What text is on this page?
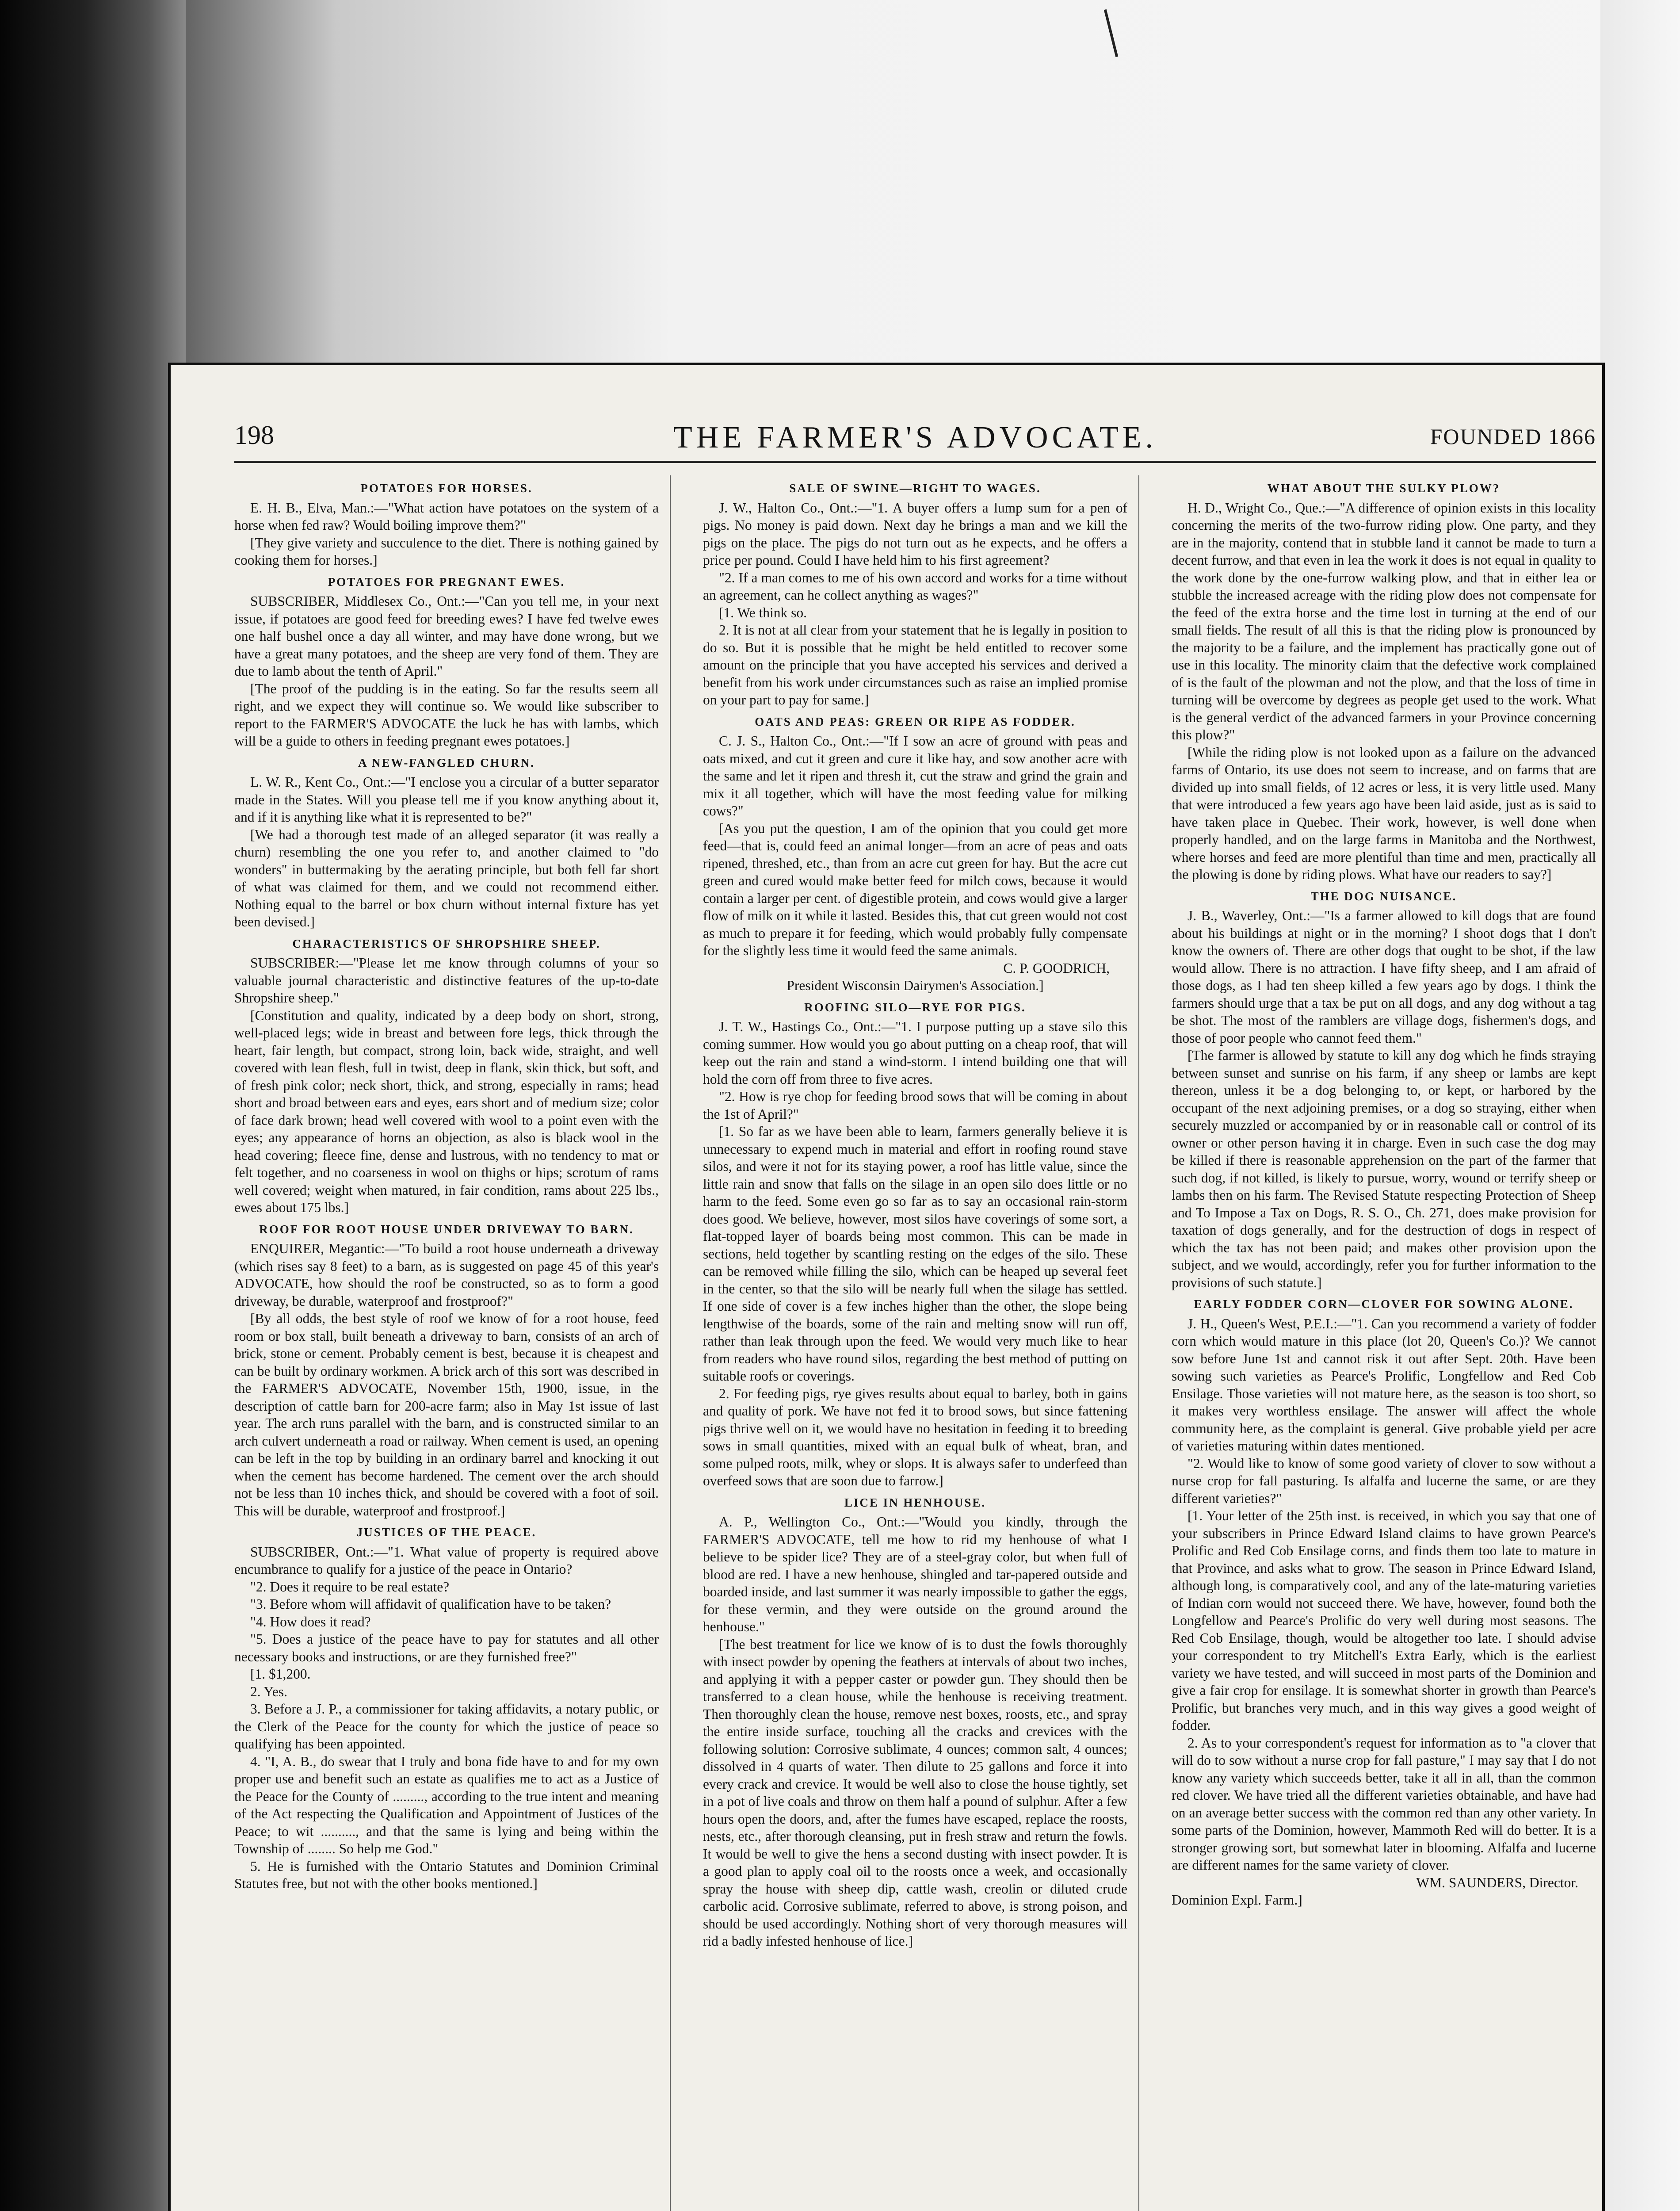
198	THE FARMER'S ADVOCATE.	FOUNDED 1866
POTATOES FOR HORSES.
E. H. B., Elva, Man.:—"What action have potatoes on the system of a horse when fed raw? Would boiling improve them?"
[They give variety and succulence to the diet. There is nothing gained by cooking them for horses.]
POTATOES FOR PREGNANT EWES.
SUBSCRIBER, Middlesex Co., Ont.:—"Can you tell me, in your next issue, if potatoes are good feed for breeding ewes? I have fed twelve ewes one half bushel once a day all winter, and may have done wrong, but we have a great many potatoes, and the sheep are very fond of them. They are due to lamb about the tenth of April."
[The proof of the pudding is in the eating. So far the results seem all right, and we expect they will continue so. We would like subscriber to report to the FARMER'S ADVOCATE the luck he has with lambs, which will be a guide to others in feeding pregnant ewes potatoes.]
A NEW-FANGLED CHURN.
L. W. R., Kent Co., Ont.:—"I enclose you a circular of a butter separator made in the States. Will you please tell me if you know anything about it, and if it is anything like what it is represented to be?"
[We had a thorough test made of an alleged separator (it was really a churn) resembling the one you refer to, and another claimed to "do wonders" in buttermaking by the aerating principle, but both fell far short of what was claimed for them, and we could not recommend either. Nothing equal to the barrel or box churn without internal fixture has yet been devised.]
CHARACTERISTICS OF SHROPSHIRE SHEEP.
SUBSCRIBER:—"Please let me know through columns of your so valuable journal characteristic and distinctive features of the up-to-date Shropshire sheep."
[Constitution and quality, indicated by a deep body on short, strong, well-placed legs; wide in breast and between fore legs, thick through the heart, fair length, but compact, strong loin, back wide, straight, and well covered with lean flesh, full in twist, deep in flank, skin thick, but soft, and of fresh pink color; neck short, thick, and strong, especially in rams; head short and broad between ears and eyes, ears short and of medium size; color of face dark brown; head well covered with wool to a point even with the eyes; any appearance of horns an objection, as also is black wool in the head covering; fleece fine, dense and lustrous, with no tendency to mat or felt together, and no coarseness in wool on thighs or hips; scrotum of rams well covered; weight when matured, in fair condition, rams about 225 lbs., ewes about 175 lbs.]
ROOF FOR ROOT HOUSE UNDER DRIVEWAY TO BARN.
ENQUIRER, Megantic:—"To build a root house underneath a driveway (which rises say 8 feet) to a barn, as is suggested on page 45 of this year's ADVOCATE, how should the roof be constructed, so as to form a good driveway, be durable, waterproof and frostproof?"
[By all odds, the best style of roof we know of for a root house, feed room or box stall, built beneath a driveway to barn, consists of an arch of brick, stone or cement. Probably cement is best, because it is cheapest and can be built by ordinary workmen. A brick arch of this sort was described in the FARMER'S ADVOCATE, November 15th, 1900, issue, in the description of cattle barn for 200-acre farm; also in May 1st issue of last year. The arch runs parallel with the barn, and is constructed similar to an arch culvert underneath a road or railway. When cement is used, an opening can be left in the top by building in an ordinary barrel and knocking it out when the cement has become hardened. The cement over the arch should not be less than 10 inches thick, and should be covered with a foot of soil. This will be durable, waterproof and frostproof.]
JUSTICES OF THE PEACE.
SUBSCRIBER, Ont.:—"1. What value of property is required above encumbrance to qualify for a justice of the peace in Ontario?
"2. Does it require to be real estate?
"3. Before whom will affidavit of qualification have to be taken?
"4. How does it read?
"5. Does a justice of the peace have to pay for statutes and all other necessary books and instructions, or are they furnished free?"
[1. $1,200.
2. Yes.
3. Before a J. P., a commissioner for taking affidavits, a notary public, or the Clerk of the Peace for the county for which the justice of peace so qualifying has been appointed.
4. "I, A. B., do swear that I truly and bona fide have to and for my own proper use and benefit such an estate as qualifies me to act as a Justice of the Peace for the County of ........., according to the true intent and meaning of the Act respecting the Qualification and Appointment of Justices of the Peace; to wit .........., and that the same is lying and being within the Township of ........ So help me God."
5. He is furnished with the Ontario Statutes and Dominion Criminal Statutes free, but not with the other books mentioned.]
SALE OF SWINE—RIGHT TO WAGES.
J. W., Halton Co., Ont.:—"1. A buyer offers a lump sum for a pen of pigs. No money is paid down. Next day he brings a man and we kill the pigs on the place. The pigs do not turn out as he expects, and he offers a price per pound. Could I have held him to his first agreement?
"2. If a man comes to me of his own accord and works for a time without an agreement, can he collect anything as wages?"
[1. We think so.
2. It is not at all clear from your statement that he is legally in position to do so. But it is possible that he might be held entitled to recover some amount on the principle that you have accepted his services and derived a benefit from his work under circumstances such as raise an implied promise on your part to pay for same.]
OATS AND PEAS: GREEN OR RIPE AS FODDER.
C. J. S., Halton Co., Ont.:—"If I sow an acre of ground with peas and oats mixed, and cut it green and cure it like hay, and sow another acre with the same and let it ripen and thresh it, cut the straw and grind the grain and mix it all together, which will have the most feeding value for milking cows?"
[As you put the question, I am of the opinion that you could get more feed—that is, could feed an animal longer—from an acre of peas and oats ripened, threshed, etc., than from an acre cut green for hay. But the acre cut green and cured would make better feed for milch cows, because it would contain a larger per cent. of digestible protein, and cows would give a larger flow of milk on it while it lasted. Besides this, that cut green would not cost as much to prepare it for feeding, which would probably fully compensate for the slightly less time it would feed the same animals.
C. P. GOODRICH,
President Wisconsin Dairymen's Association.]
ROOFING SILO—RYE FOR PIGS.
J. T. W., Hastings Co., Ont.:—"1. I purpose putting up a stave silo this coming summer. How would you go about putting on a cheap roof, that will keep out the rain and stand a wind-storm. I intend building one that will hold the corn off from three to five acres.
"2. How is rye chop for feeding brood sows that will be coming in about the 1st of April?"
[1. So far as we have been able to learn, farmers generally believe it is unnecessary to expend much in material and effort in roofing round stave silos, and were it not for its staying power, a roof has little value, since the little rain and snow that falls on the silage in an open silo does little or no harm to the feed. Some even go so far as to say an occasional rain-storm does good. We believe, however, most silos have coverings of some sort, a flat-topped layer of boards being most common. This can be made in sections, held together by scantling resting on the edges of the silo. These can be removed while filling the silo, which can be heaped up several feet in the center, so that the silo will be nearly full when the silage has settled. If one side of cover is a few inches higher than the other, the slope being lengthwise of the boards, some of the rain and melting snow will run off, rather than leak through upon the feed. We would very much like to hear from readers who have round silos, regarding the best method of putting on suitable roofs or coverings.
2. For feeding pigs, rye gives results about equal to barley, both in gains and quality of pork. We have not fed it to brood sows, but since fattening pigs thrive well on it, we would have no hesitation in feeding it to breeding sows in small quantities, mixed with an equal bulk of wheat, bran, and some pulped roots, milk, whey or slops. It is always safer to underfeed than overfeed sows that are soon due to farrow.]
LICE IN HENHOUSE.
A. P., Wellington Co., Ont.:—"Would you kindly, through the FARMER'S ADVOCATE, tell me how to rid my henhouse of what I believe to be spider lice? They are of a steel-gray color, but when full of blood are red. I have a new henhouse, shingled and tar-papered outside and boarded inside, and last summer it was nearly impossible to gather the eggs, for these vermin, and they were outside on the ground around the henhouse."
[The best treatment for lice we know of is to dust the fowls thoroughly with insect powder by opening the feathers at intervals of about two inches, and applying it with a pepper caster or powder gun. They should then be transferred to a clean house, while the henhouse is receiving treatment. Then thoroughly clean the house, remove nest boxes, roosts, etc., and spray the entire inside surface, touching all the cracks and crevices with the following solution: Corrosive sublimate, 4 ounces; common salt, 4 ounces; dissolved in 4 quarts of water. Then dilute to 25 gallons and force it into every crack and crevice. It would be well also to close the house tightly, set in a pot of live coals and throw on them half a pound of sulphur. After a few hours open the doors, and, after the fumes have escaped, replace the roosts, nests, etc., after thorough cleansing, put in fresh straw and return the fowls. It would be well to give the hens a second dusting with insect powder. It is a good plan to apply coal oil to the roosts once a week, and occasionally spray the house with sheep dip, cattle wash, creolin or diluted crude carbolic acid. Corrosive sublimate, referred to above, is strong poison, and should be used accordingly. Nothing short of very thorough measures will rid a badly infested henhouse of lice.]
WHAT ABOUT THE SULKY PLOW?
H. D., Wright Co., Que.:—"A difference of opinion exists in this locality concerning the merits of the two-furrow riding plow. One party, and they are in the majority, contend that in stubble land it cannot be made to turn a decent furrow, and that even in lea the work it does is not equal in quality to the work done by the one-furrow walking plow, and that in either lea or stubble the increased acreage with the riding plow does not compensate for the feed of the extra horse and the time lost in turning at the end of our small fields. The result of all this is that the riding plow is pronounced by the majority to be a failure, and the implement has practically gone out of use in this locality. The minority claim that the defective work complained of is the fault of the plowman and not the plow, and that the loss of time in turning will be overcome by degrees as people get used to the work. What is the general verdict of the advanced farmers in your Province concerning this plow?"
[While the riding plow is not looked upon as a failure on the advanced farms of Ontario, its use does not seem to increase, and on farms that are divided up into small fields, of 12 acres or less, it is very little used. Many that were introduced a few years ago have been laid aside, just as is said to have taken place in Quebec. Their work, however, is well done when properly handled, and on the large farms in Manitoba and the Northwest, where horses and feed are more plentiful than time and men, practically all the plowing is done by riding plows. What have our readers to say?]
THE DOG NUISANCE.
J. B., Waverley, Ont.:—"Is a farmer allowed to kill dogs that are found about his buildings at night or in the morning? I shoot dogs that I don't know the owners of. There are other dogs that ought to be shot, if the law would allow. There is no attraction. I have fifty sheep, and I am afraid of those dogs, as I had ten sheep killed a few years ago by dogs. I think the farmers should urge that a tax be put on all dogs, and any dog without a tag be shot. The most of the ramblers are village dogs, fishermen's dogs, and those of poor people who cannot feed them."
[The farmer is allowed by statute to kill any dog which he finds straying between sunset and sunrise on his farm, if any sheep or lambs are kept thereon, unless it be a dog belonging to, or kept, or harbored by the occupant of the next adjoining premises, or a dog so straying, either when securely muzzled or accompanied by or in reasonable call or control of its owner or other person having it in charge. Even in such case the dog may be killed if there is reasonable apprehension on the part of the farmer that such dog, if not killed, is likely to pursue, worry, wound or terrify sheep or lambs then on his farm. The Revised Statute respecting Protection of Sheep and To Impose a Tax on Dogs, R. S. O., Ch. 271, does make provision for taxation of dogs generally, and for the destruction of dogs in respect of which the tax has not been paid; and makes other provision upon the subject, and we would, accordingly, refer you for further information to the provisions of such statute.]
EARLY FODDER CORN—CLOVER FOR SOWING ALONE.
J. H., Queen's West, P.E.I.:—"1. Can you recommend a variety of fodder corn which would mature in this place (lot 20, Queen's Co.)? We cannot sow before June 1st and cannot risk it out after Sept. 20th. Have been sowing such varieties as Pearce's Prolific, Longfellow and Red Cob Ensilage. Those varieties will not mature here, as the season is too short, so it makes very worthless ensilage. The answer will affect the whole community here, as the complaint is general. Give probable yield per acre of varieties maturing within dates mentioned.
"2. Would like to know of some good variety of clover to sow without a nurse crop for fall pasturing. Is alfalfa and lucerne the same, or are they different varieties?"
[1. Your letter of the 25th inst. is received, in which you say that one of your subscribers in Prince Edward Island claims to have grown Pearce's Prolific and Red Cob Ensilage corns, and finds them too late to mature in that Province, and asks what to grow. The season in Prince Edward Island, although long, is comparatively cool, and any of the late-maturing varieties of Indian corn would not succeed there. We have, however, found both the Longfellow and Pearce's Prolific do very well during most seasons. The Red Cob Ensilage, though, would be altogether too late. I should advise your correspondent to try Mitchell's Extra Early, which is the earliest variety we have tested, and will succeed in most parts of the Dominion and give a fair crop for ensilage. It is somewhat shorter in growth than Pearce's Prolific, but branches very much, and in this way gives a good weight of fodder.
2. As to your correspondent's request for information as to "a clover that will do to sow without a nurse crop for fall pasture," I may say that I do not know any variety which succeeds better, take it all in all, than the common red clover. We have tried all the different varieties obtainable, and have had on an average better success with the common red than any other variety. In some parts of the Dominion, however, Mammoth Red will do better. It is a stronger growing sort, but somewhat later in blooming. Alfalfa and lucerne are different names for the same variety of clover.
WM. SAUNDERS, Director.
Dominion Expl. Farm.]
